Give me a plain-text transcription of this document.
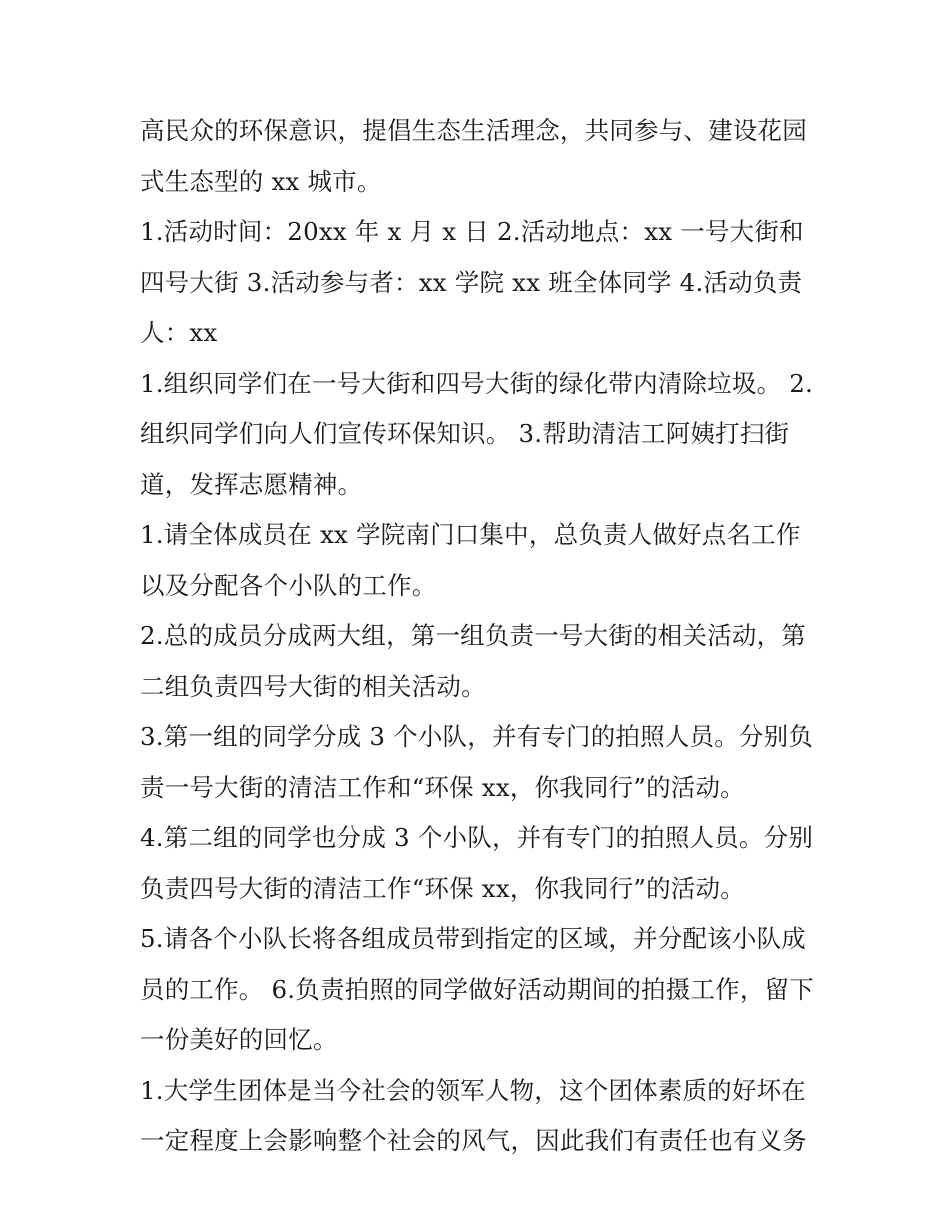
高民众的环保意识，提倡生态生活理念，共同参与、建设花园式生态型的 xx 城市。

1.活动时间：20xx 年 x 月 x 日 2.活动地点：xx 一号大街和四号大街 3.活动参与者：xx 学院 xx 班全体同学 4.活动负责人：xx

1.组织同学们在一号大街和四号大街的绿化带内清除垃圾。 2.组织同学们向人们宣传环保知识。 3.帮助清洁工阿姨打扫街道，发挥志愿精神。

1.请全体成员在 xx 学院南门口集中，总负责人做好点名工作以及分配各个小队的工作。

2.总的成员分成两大组，第一组负责一号大街的相关活动，第二组负责四号大街的相关活动。

3.第一组的同学分成 3 个小队，并有专门的拍照人员。分别负责一号大街的清洁工作和“环保 xx，你我同行”的活动。

4.第二组的同学也分成 3 个小队，并有专门的拍照人员。分别负责四号大街的清洁工作“环保 xx，你我同行”的活动。

5.请各个小队长将各组成员带到指定的区域，并分配该小队成员的工作。 6.负责拍照的同学做好活动期间的拍摄工作，留下一份美好的回忆。

1.大学生团体是当今社会的领军人物，这个团体素质的好坏在一定程度上会影响整个社会的风气，因此我们有责任也有义务
